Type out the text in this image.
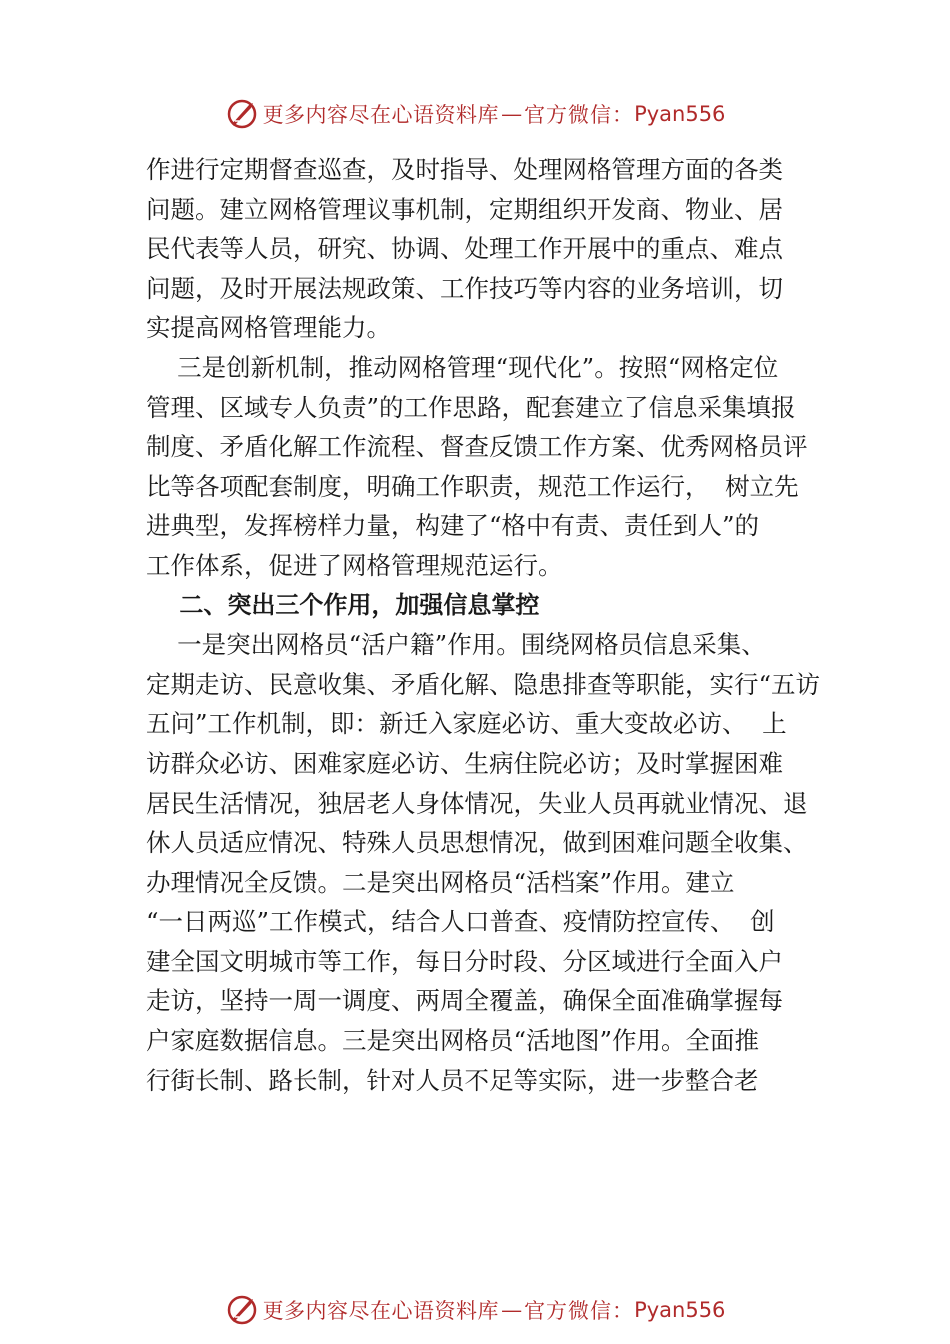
更多内容尽在心语资料库 — 官方微信： Pyan556
作进行定期督查巡查，及时指导、处理网格管理方面的各类
问题。建立网格管理议事机制，定期组织开发商、物业、居
民代表等人员，研究、协调、处理工作开展中的重点、难点
问题，及时开展法规政策、工作技巧等内容的业务培训，切
实提高网格管理能力。
三是创新机制，推动网格管理“现代化”。按照“网格定位
管理、区域专人负责”的工作思路，配套建立了信息采集填报
制度、矛盾化解工作流程、督查反馈工作方案、优秀网格员评
比等各项配套制度，明确工作职责，规范工作运行，  树立先
进典型，发挥榜样力量，构建了“格中有责、责任到人”的
工作体系，促进了网格管理规范运行。
二、突出三个作用，加强信息掌控
一是突出网格员“活户籍”作用。围绕网格员信息采集、
定期走访、民意收集、矛盾化解、隐患排查等职能，实行“五访
五问”工作机制，即：新迁入家庭必访、重大变故必访、  上
访群众必访、困难家庭必访、生病住院必访；及时掌握困难
居民生活情况，独居老人身体情况，失业人员再就业情况、退
休人员适应情况、特殊人员思想情况，做到困难问题全收集、
办理情况全反馈。二是突出网格员“活档案”作用。建立
“一日两巡”工作模式，结合人口普查、疫情防控宣传、  创
建全国文明城市等工作，每日分时段、分区域进行全面入户
走访，坚持一周一调度、两周全覆盖，确保全面准确掌握每
户家庭数据信息。三是突出网格员“活地图”作用。全面推
行街长制、路长制，针对人员不足等实际，进一步整合老
更多内容尽在心语资料库 — 官方微信： Pyan556
